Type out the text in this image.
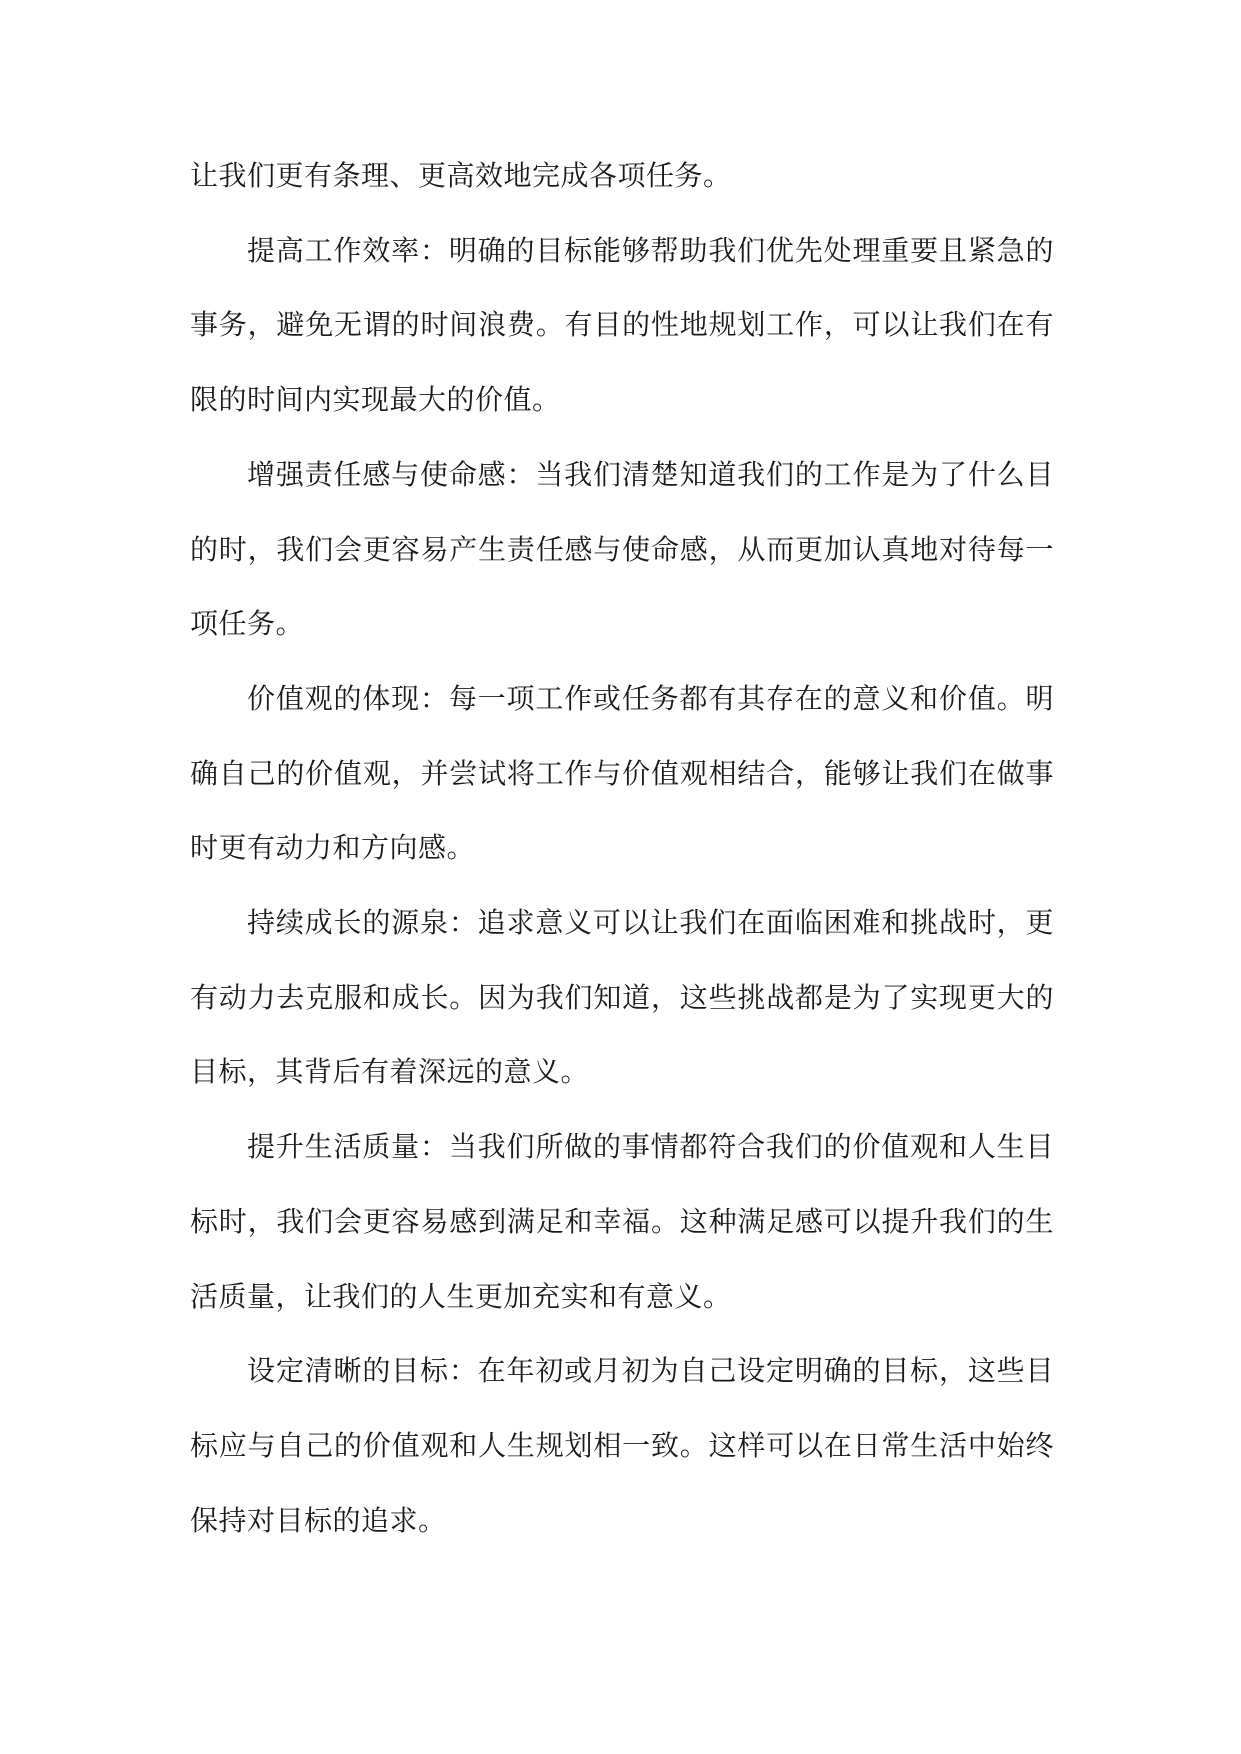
让我们更有条理、更高效地完成各项任务。

提高工作效率：明确的目标能够帮助我们优先处理重要且紧急的事务，避免无谓的时间浪费。有目的性地规划工作，可以让我们在有限的时间内实现最大的价值。

增强责任感与使命感：当我们清楚知道我们的工作是为了什么目的时，我们会更容易产生责任感与使命感，从而更加认真地对待每一项任务。

价值观的体现：每一项工作或任务都有其存在的意义和价值。明确自己的价值观，并尝试将工作与价值观相结合，能够让我们在做事时更有动力和方向感。

持续成长的源泉：追求意义可以让我们在面临困难和挑战时，更有动力去克服和成长。因为我们知道，这些挑战都是为了实现更大的目标，其背后有着深远的意义。

提升生活质量：当我们所做的事情都符合我们的价值观和人生目标时，我们会更容易感到满足和幸福。这种满足感可以提升我们的生活质量，让我们的人生更加充实和有意义。

设定清晰的目标：在年初或月初为自己设定明确的目标，这些目标应与自己的价值观和人生规划相一致。这样可以在日常生活中始终保持对目标的追求。
